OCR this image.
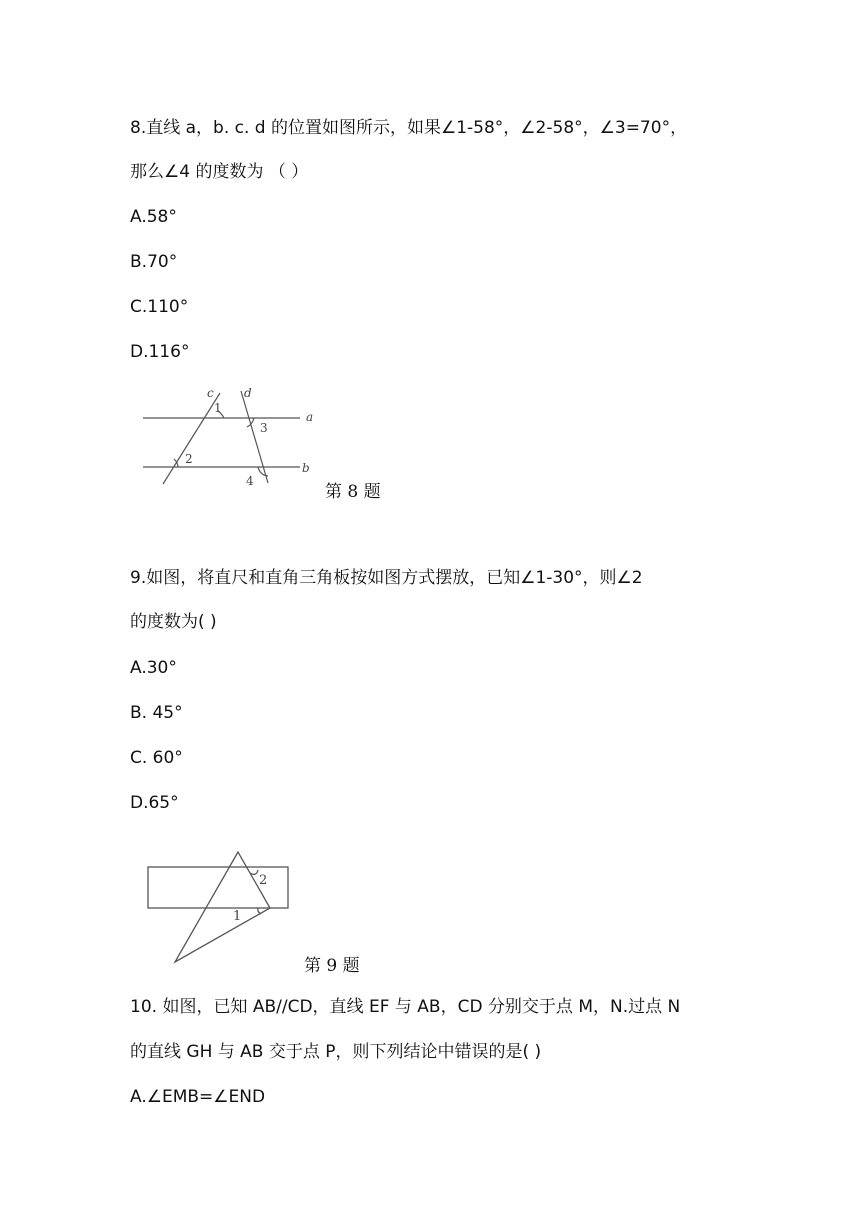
8.直线 a，b. c. d 的位置如图所示，如果∠1-58°，∠2-58°，∠3=70°，
那么∠4 的度数为 （ ）
A.58°
B.70°
C.110°
D.116°
c	d
a
b
1
2
3
4
第 8 题
9.如图，将直尺和直角三角板按如图方式摆放，已知∠1-30°，则∠2
的度数为( )
A.30°
B. 45°
C. 60°
D.65°
2
1
第 9 题
10. 如图，已知 AB//CD，直线 EF 与 AB，CD 分别交于点 M，N.过点 N
的直线 GH 与 AB 交于点 P，则下列结论中错误的是( )
A.∠EMB=∠END
